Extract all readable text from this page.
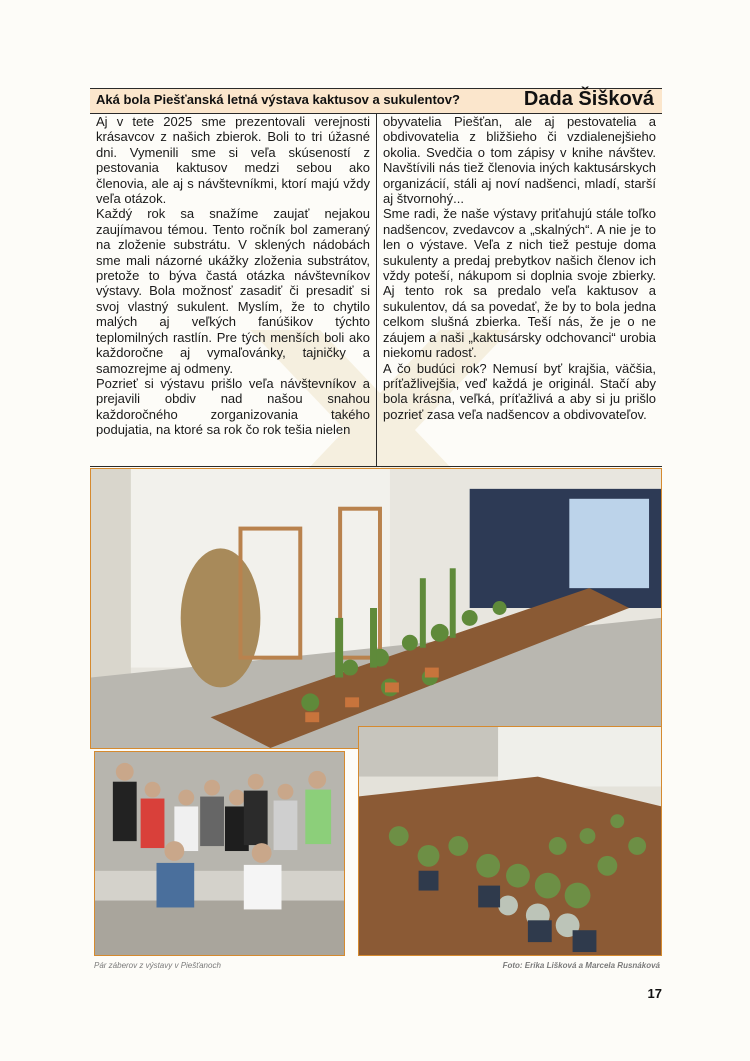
Aká bola Piešťanská letná výstava kaktusov a sukulentov?	Dada Šišková

Aj v tete 2025 sme prezentovali verejnosti krásavcov z našich zbierok. Boli to tri úžasné dni. Vymenili sme si veľa skúseností z pestovania kaktusov medzi sebou ako členovia, ale aj s návštevníkmi, ktorí majú vždy veľa otázok.

Každý rok sa snažíme zaujať nejakou zaujímavou témou. Tento ročník bol zameraný na zloženie substrátu. V sklených nádobách sme mali názorné ukážky zloženia substrátov, pretože to býva častá otázka návštevníkov výstavy. Bola možnosť zasadiť či presadiť si svoj vlastný sukulent. Myslím, že to chytilo malých aj veľkých fanúšikov týchto teplomilných rastlín. Pre tých menších boli ako každoročne aj vymaľovánky, tajničky a samozrejme aj odmeny.

Pozrieť si výstavu prišlo veľa návštevníkov a prejavili obdiv nad našou snahou každoročného zorganizovania takého podujatia, na ktoré sa rok čo rok tešia nielen

obyvatelia Piešťan, ale aj pestovatelia a obdivovatelia z bližšieho či vzdialenejšieho okolia. Svedčia o tom zápisy v knihe návštev. Navštívili nás tiež členovia iných kaktusárskych organizácií, stáli aj noví nadšenci, mladí, starší aj štvornohý...

Sme radi, že naše výstavy priťahujú stále toľko nadšencov, zvedavcov a „skalných“. A nie je to len o výstave. Veľa z nich tiež pestuje doma sukulenty a predaj prebytkov našich členov ich vždy poteší, nákupom si doplnia svoje zbierky. Aj tento rok sa predalo veľa kaktusov a sukulentov, dá sa povedať, že by to bola jedna celkom slušná zbierka. Teší nás, že je o ne záujem a naši „kaktusársky odchovanci“ urobia niekomu radosť.

A čo budúci rok? Nemusí byť krajšia, väčšia, príťažlivejšia, veď každá je originál. Stačí aby bola krásna, veľká, príťažlivá a aby si ju prišlo pozrieť zasa veľa nadšencov a obdivovateľov.

Pár záberov z výstavy v Piešťanoch	Foto: Erika Lišková a Marcela Rusnáková
17
